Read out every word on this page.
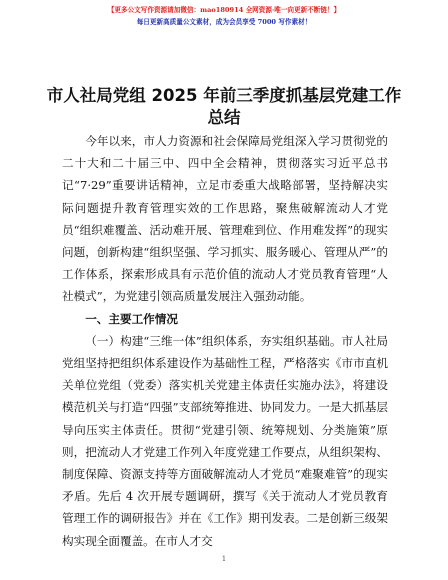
【更多公文写作资源请加微信：mao180914 全网资源·唯一向更新不断链！】
每日更新高质量公文素材，成为会员享受 7000 写作素材！
市人社局党组 2025 年前三季度抓基层党建工作总结

今年以来，市人力资源和社会保障局党组深入学习贯彻党的二十大和二十届三中、四中全会精神，贯彻落实习近平总书记“7·29”重要讲话精神，立足市委重大战略部署，坚持解决实际问题提升教育管理实效的工作思路，聚焦破解流动人才党员“组织难覆盖、活动难开展、管理难到位、作用难发挥”的现实问题，创新构建“组织坚强、学习抓实、服务暖心、管理从严”的工作体系，探索形成具有示范价值的流动人才党员教育管理“人社模式”，为党建引领高质量发展注入强劲动能。

一、主要工作情况

（一）构建“三维一体”组织体系，夯实组织基础。市人社局党组坚持把组织体系建设作为基础性工程，严格落实《市市直机关单位党组（党委）落实机关党建主体责任实施办法》，将建设模范机关与打造“四强”支部统筹推进、协同发力。一是大抓基层导向压实主体责任。贯彻“党建引领、统筹规划、分类施策”原则，把流动人才党建工作列入年度党建工作要点，从组织架构、制度保障、资源支持等方面破解流动人才党员“难聚难管”的现实矛盾。先后 4 次开展专题调研，撰写《关于流动人才党员教育管理工作的调研报告》并在《工作》期刊发表。二是创新三级架构实现全面覆盖。在市人才交

1
